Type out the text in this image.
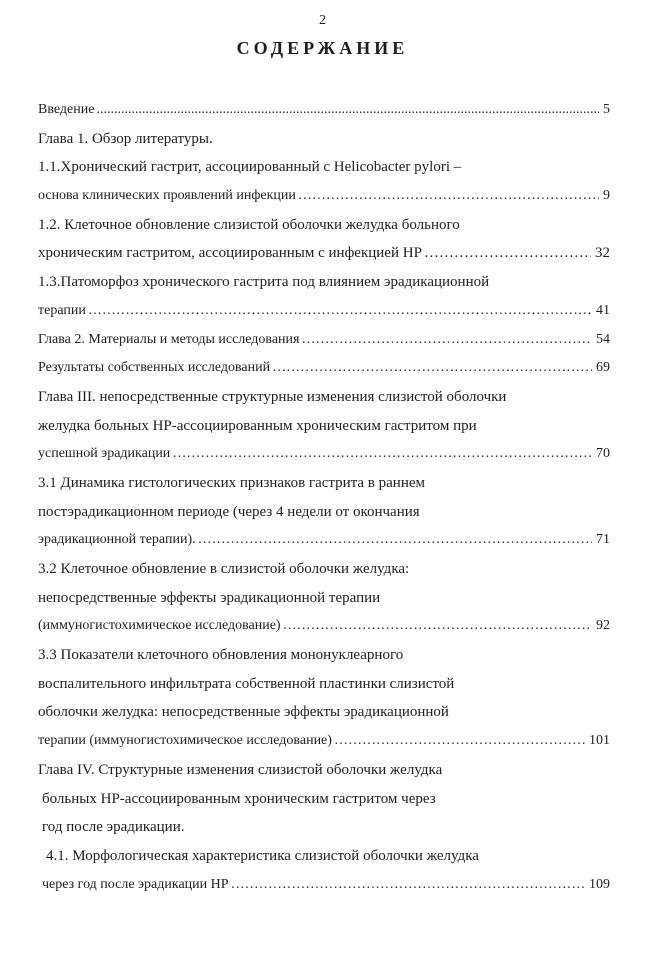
2
СОДЕРЖАНИЕ
Введение .....	5
Глава 1. Обзор литературы.
1.1.Хронический гастрит, ассоциированный с Helicobacter pylori –
основа клинических проявлений инфекции ……………………………………………………………………………………………………………………………………………………………………………………………………………………………	9
1.2. Клеточное обновление слизистой оболочки желудка больного
хроническим гастритом, ассоциированным с инфекцией НР ……………………………………………………………………………………………………………………………………………………………………………………………………………………………	32
1.3.Патоморфоз хронического гастрита под влиянием эрадикационной
терапии ……………………………………………………………………………………………………………………………………………………………………………………………………………………………	41
Глава 2. Материалы и методы исследования ……………………………………………………………………………………………………………………………………………………………………………………………………………………………	54
Результаты собственных исследований ……………………………………………………………………………………………………………………………………………………………………………………………………………………………	69
Глава III. непосредственные структурные изменения слизистой оболочки
желудка больных НР-ассоциированным хроническим гастритом при
успешной эрадикации ……………………………………………………………………………………………………………………………………………………………………………………………………………………………	70
3.1 Динамика гистологических признаков гастрита в раннем
постэрадикационном периоде (через 4 недели от окончания
эрадикационной терапии). ……………………………………………………………………………………………………………………………………………………………………………………………………………………………	71
3.2 Клеточное обновление в слизистой оболочки желудка:
непосредственные эффекты эрадикационной терапии
(иммуногистохимическое исследование) ……………………………………………………………………………………………………………………………………………………………………………………………………………………………	92
3.3 Показатели клеточного обновления мононуклеарного
воспалительного инфильтрата собственной пластинки слизистой
оболочки желудка: непосредственные эффекты эрадикационной
терапии (иммуногистохимическое исследование) ……………………………………………………………………………………………………………………………………………………………………………………………………………………………	101
Глава IV. Структурные изменения слизистой оболочки желудка
больных НР-ассоциированным хроническим гастритом через
год после эрадикации.
4.1. Морфологическая характеристика слизистой оболочки желудка
через год после эрадикации НР ……………………………………………………………………………………………………………………………………………………………………………………………………………………………	109
